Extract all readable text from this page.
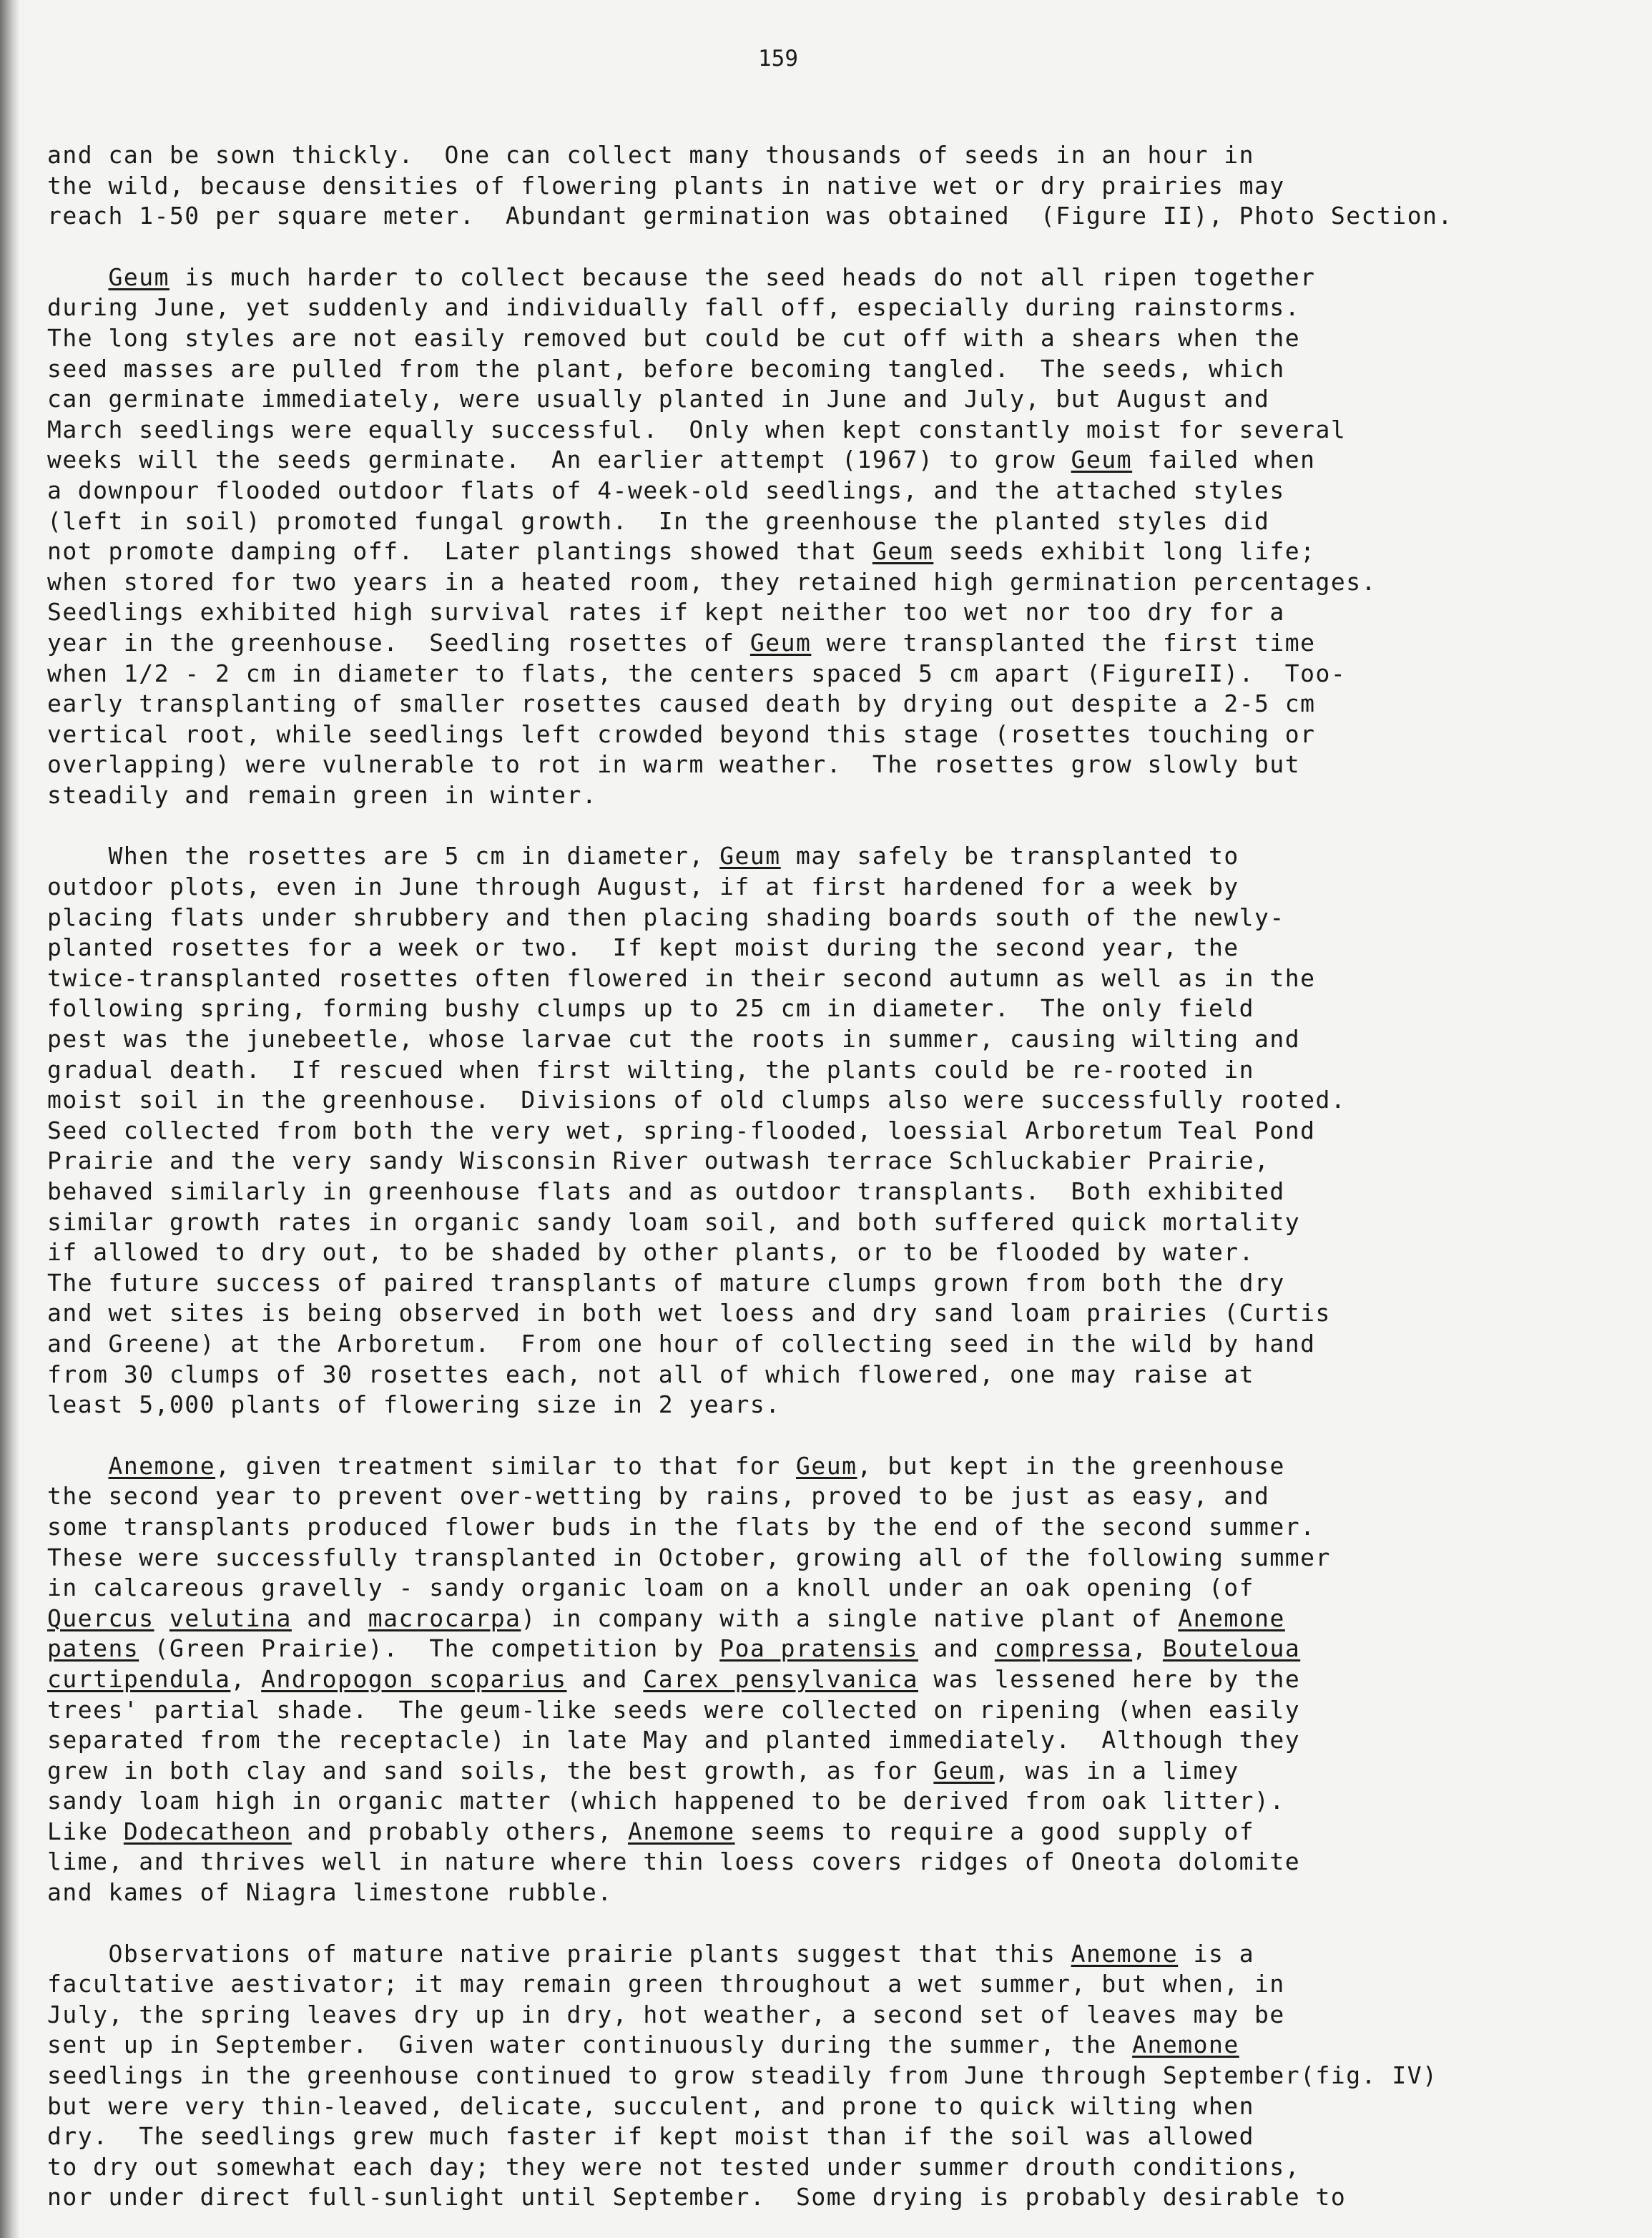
159
and can be sown thickly.  One can collect many thousands of seeds in an hour in
the wild, because densities of flowering plants in native wet or dry prairies may
reach 1-50 per square meter.  Abundant germination was obtained  (Figure II), Photo Section.
Geum is much harder to collect because the seed heads do not all ripen together
during June, yet suddenly and individually fall off, especially during rainstorms.
The long styles are not easily removed but could be cut off with a shears when the
seed masses are pulled from the plant, before becoming tangled.  The seeds, which
can germinate immediately, were usually planted in June and July, but August and
March seedlings were equally successful.  Only when kept constantly moist for several
weeks will the seeds germinate.  An earlier attempt (1967) to grow Geum failed when
a downpour flooded outdoor flats of 4-week-old seedlings, and the attached styles
(left in soil) promoted fungal growth.  In the greenhouse the planted styles did
not promote damping off.  Later plantings showed that Geum seeds exhibit long life;
when stored for two years in a heated room, they retained high germination percentages.
Seedlings exhibited high survival rates if kept neither too wet nor too dry for a
year in the greenhouse.  Seedling rosettes of Geum were transplanted the first time
when 1/2 - 2 cm in diameter to flats, the centers spaced 5 cm apart (FigureII).  Too-
early transplanting of smaller rosettes caused death by drying out despite a 2-5 cm
vertical root, while seedlings left crowded beyond this stage (rosettes touching or
overlapping) were vulnerable to rot in warm weather.  The rosettes grow slowly but
steadily and remain green in winter.
When the rosettes are 5 cm in diameter, Geum may safely be transplanted to
outdoor plots, even in June through August, if at first hardened for a week by
placing flats under shrubbery and then placing shading boards south of the newly-
planted rosettes for a week or two.  If kept moist during the second year, the
twice-transplanted rosettes often flowered in their second autumn as well as in the
following spring, forming bushy clumps up to 25 cm in diameter.  The only field
pest was the junebeetle, whose larvae cut the roots in summer, causing wilting and
gradual death.  If rescued when first wilting, the plants could be re-rooted in
moist soil in the greenhouse.  Divisions of old clumps also were successfully rooted.
Seed collected from both the very wet, spring-flooded, loessial Arboretum Teal Pond
Prairie and the very sandy Wisconsin River outwash terrace Schluckabier Prairie,
behaved similarly in greenhouse flats and as outdoor transplants.  Both exhibited
similar growth rates in organic sandy loam soil, and both suffered quick mortality
if allowed to dry out, to be shaded by other plants, or to be flooded by water.
The future success of paired transplants of mature clumps grown from both the dry
and wet sites is being observed in both wet loess and dry sand loam prairies (Curtis
and Greene) at the Arboretum.  From one hour of collecting seed in the wild by hand
from 30 clumps of 30 rosettes each, not all of which flowered, one may raise at
least 5,000 plants of flowering size in 2 years.
Anemone, given treatment similar to that for Geum, but kept in the greenhouse
the second year to prevent over-wetting by rains, proved to be just as easy, and
some transplants produced flower buds in the flats by the end of the second summer.
These were successfully transplanted in October, growing all of the following summer
in calcareous gravelly - sandy organic loam on a knoll under an oak opening (of
Quercus velutina and macrocarpa) in company with a single native plant of Anemone
patens (Green Prairie).  The competition by Poa pratensis and compressa, Bouteloua
curtipendula, Andropogon scoparius and Carex pensylvanica was lessened here by the
trees' partial shade.  The geum-like seeds were collected on ripening (when easily
separated from the receptacle) in late May and planted immediately.  Although they
grew in both clay and sand soils, the best growth, as for Geum, was in a limey
sandy loam high in organic matter (which happened to be derived from oak litter).
Like Dodecatheon and probably others, Anemone seems to require a good supply of
lime, and thrives well in nature where thin loess covers ridges of Oneota dolomite
and kames of Niagra limestone rubble.
Observations of mature native prairie plants suggest that this Anemone is a
facultative aestivator; it may remain green throughout a wet summer, but when, in
July, the spring leaves dry up in dry, hot weather, a second set of leaves may be
sent up in September.  Given water continuously during the summer, the Anemone
seedlings in the greenhouse continued to grow steadily from June through September(fig. IV)
but were very thin-leaved, delicate, succulent, and prone to quick wilting when
dry.  The seedlings grew much faster if kept moist than if the soil was allowed
to dry out somewhat each day; they were not tested under summer drouth conditions,
nor under direct full-sunlight until September.  Some drying is probably desirable to
